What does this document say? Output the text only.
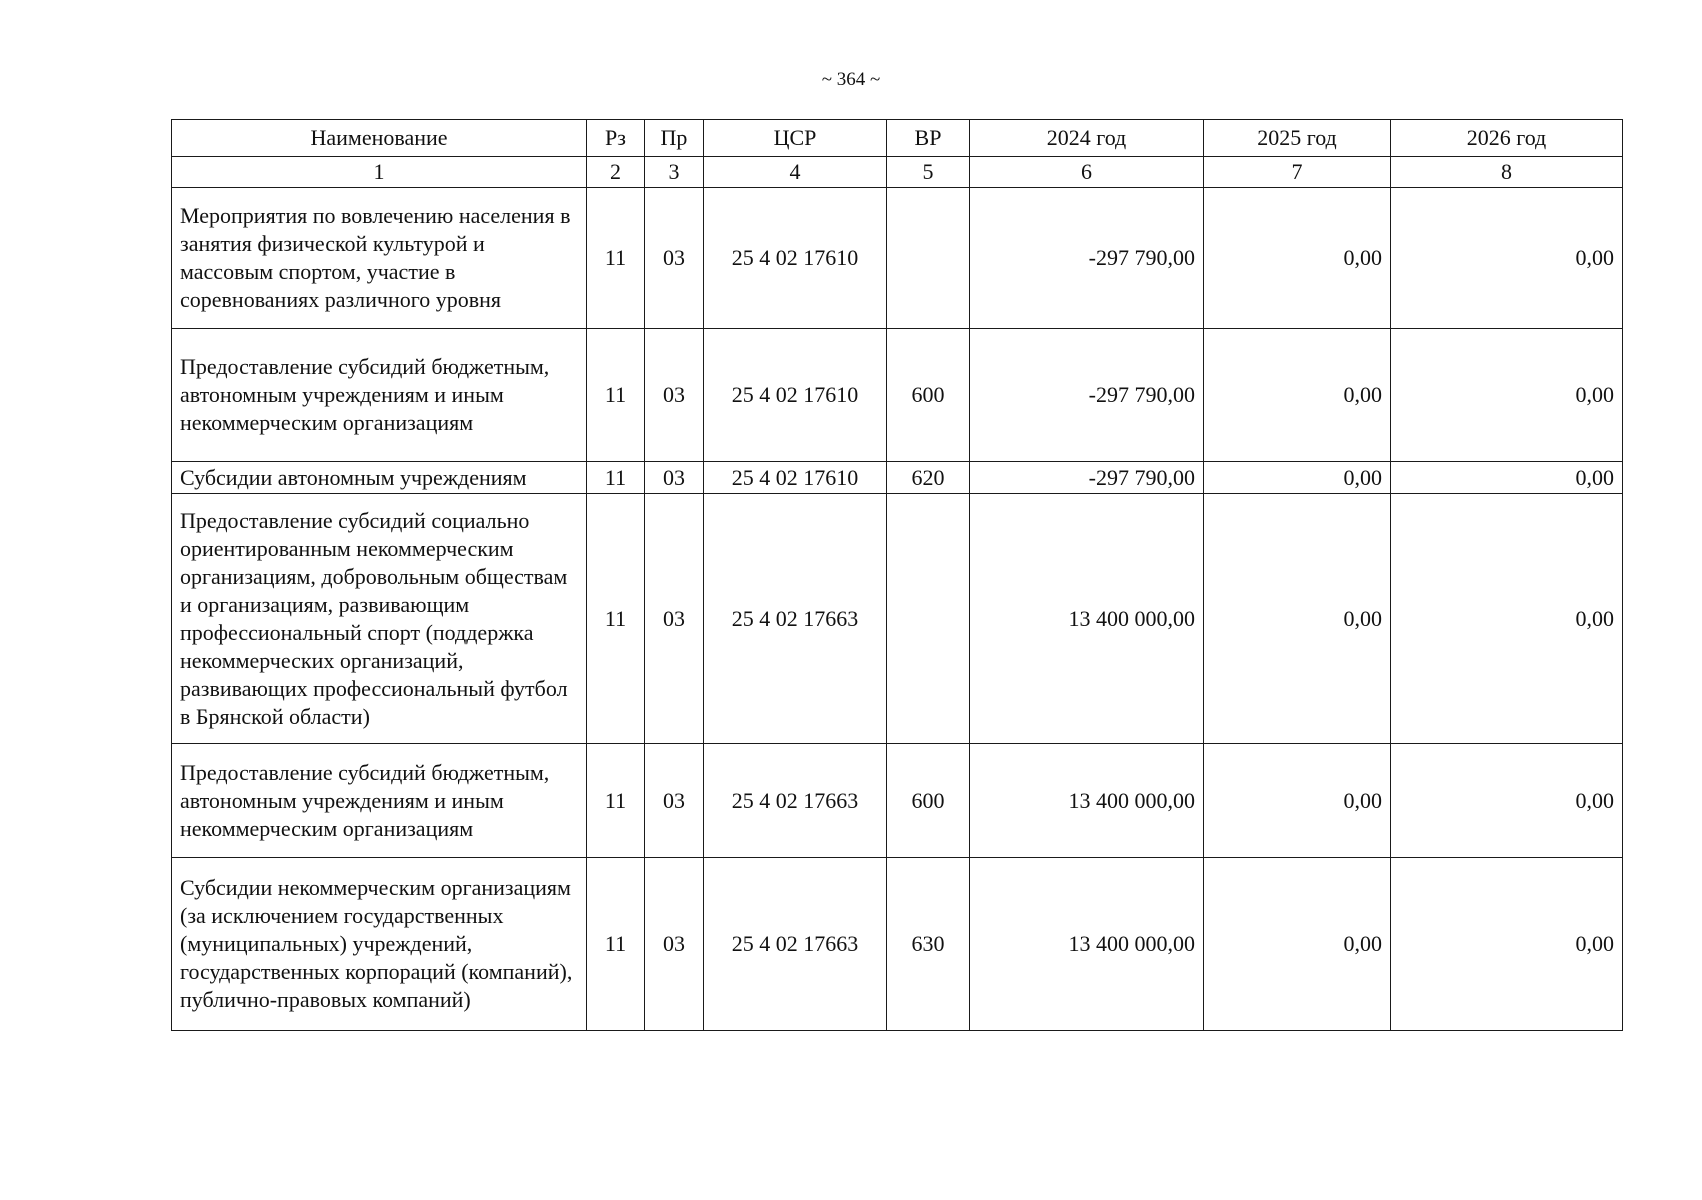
~ 364 ~
Наименование	Рз	Пр	ЦСР	ВР	2024 год	2025 год	2026 год
1	2	3	4	5	6	7	8
Мероприятия по вовлечению населения в занятия физической культурой и массовым спортом, участие в соревнованиях различного уровня	11	03	25 4 02 17610		-297 790,00	0,00	0,00
Предоставление субсидий бюджетным, автономным учреждениям и иным некоммерческим организациям	11	03	25 4 02 17610	600	-297 790,00	0,00	0,00
Субсидии автономным учреждениям	11	03	25 4 02 17610	620	-297 790,00	0,00	0,00
Предоставление субсидий социально ориентированным некоммерческим организациям, добровольным обществам и организациям, развивающим профессиональный спорт (поддержка некоммерческих организаций, развивающих профессиональный футбол в Брянской области)	11	03	25 4 02 17663		13 400 000,00	0,00	0,00
Предоставление субсидий бюджетным, автономным учреждениям и иным некоммерческим организациям	11	03	25 4 02 17663	600	13 400 000,00	0,00	0,00
Субсидии некоммерческим организациям (за исключением государственных (муниципальных) учреждений, государственных корпораций (компаний), публично-правовых компаний)	11	03	25 4 02 17663	630	13 400 000,00	0,00	0,00
